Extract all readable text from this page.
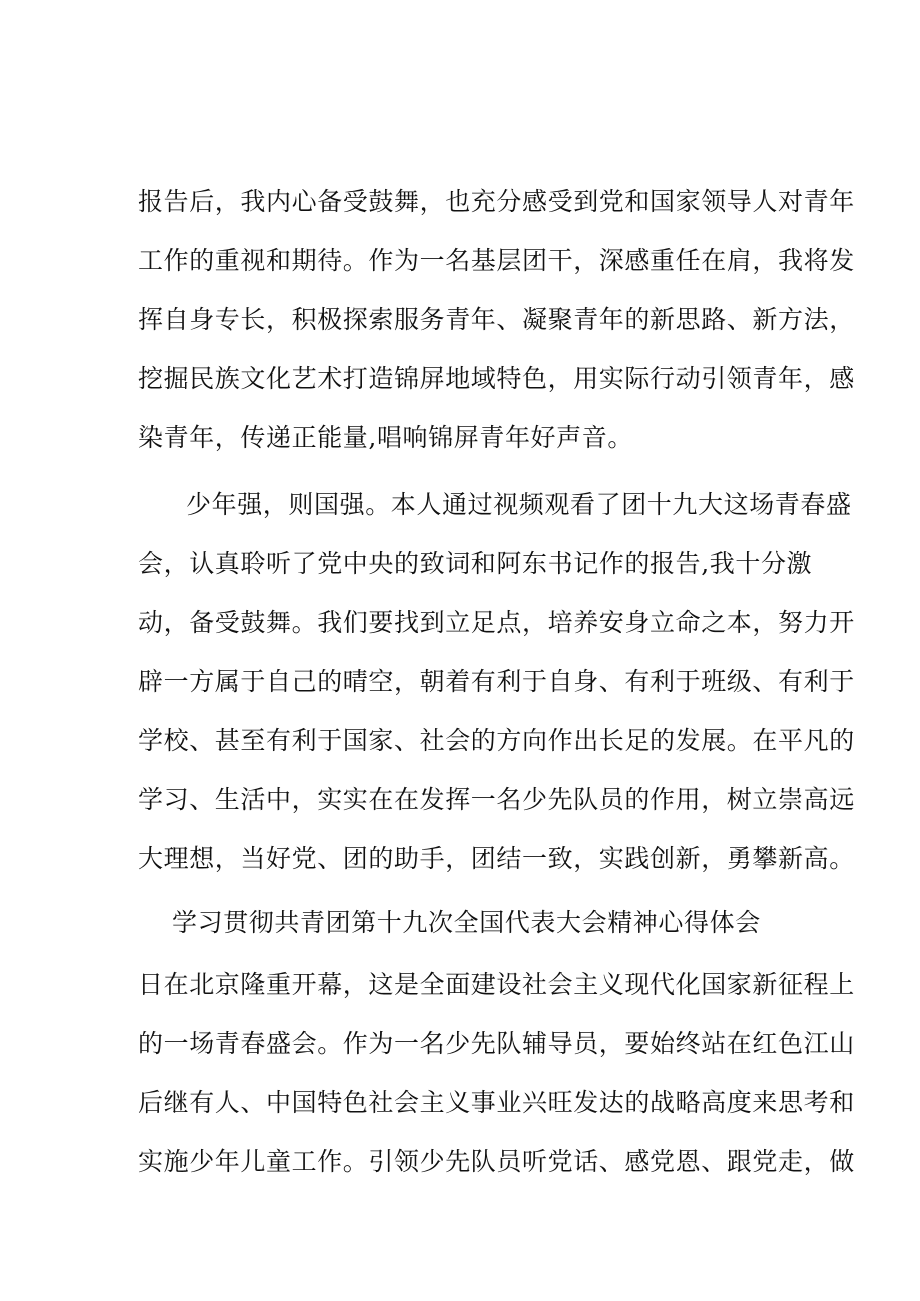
报告后，我内心备受鼓舞，也充分感受到党和国家领导人对青年
工作的重视和期待。作为一名基层团干，深感重任在肩，我将发
挥自身专长，积极探索服务青年、凝聚青年的新思路、新方法，
挖掘民族文化艺术打造锦屏地域特色，用实际行动引领青年，感
染青年，传递正能量,唱响锦屏青年好声音。
少年强，则国强。本人通过视频观看了团十九大这场青春盛
会，认真聆听了党中央的致词和阿东书记作的报告,我十分激
动，备受鼓舞。我们要找到立足点，培养安身立命之本，努力开
辟一方属于自己的晴空，朝着有利于自身、有利于班级、有利于
学校、甚至有利于国家、社会的方向作出长足的发展。在平凡的
学习、生活中，实实在在发挥一名少先队员的作用，树立崇高远
大理想，当好党、团的助手，团结一致，实践创新，勇攀新高。
学习贯彻共青团第十九次全国代表大会精神心得体会
日在北京隆重开幕，这是全面建设社会主义现代化国家新征程上
的一场青春盛会。作为一名少先队辅导员，要始终站在红色江山
后继有人、中国特色社会主义事业兴旺发达的战略高度来思考和
实施少年儿童工作。引领少先队员听党话、感党恩、跟党走，做
